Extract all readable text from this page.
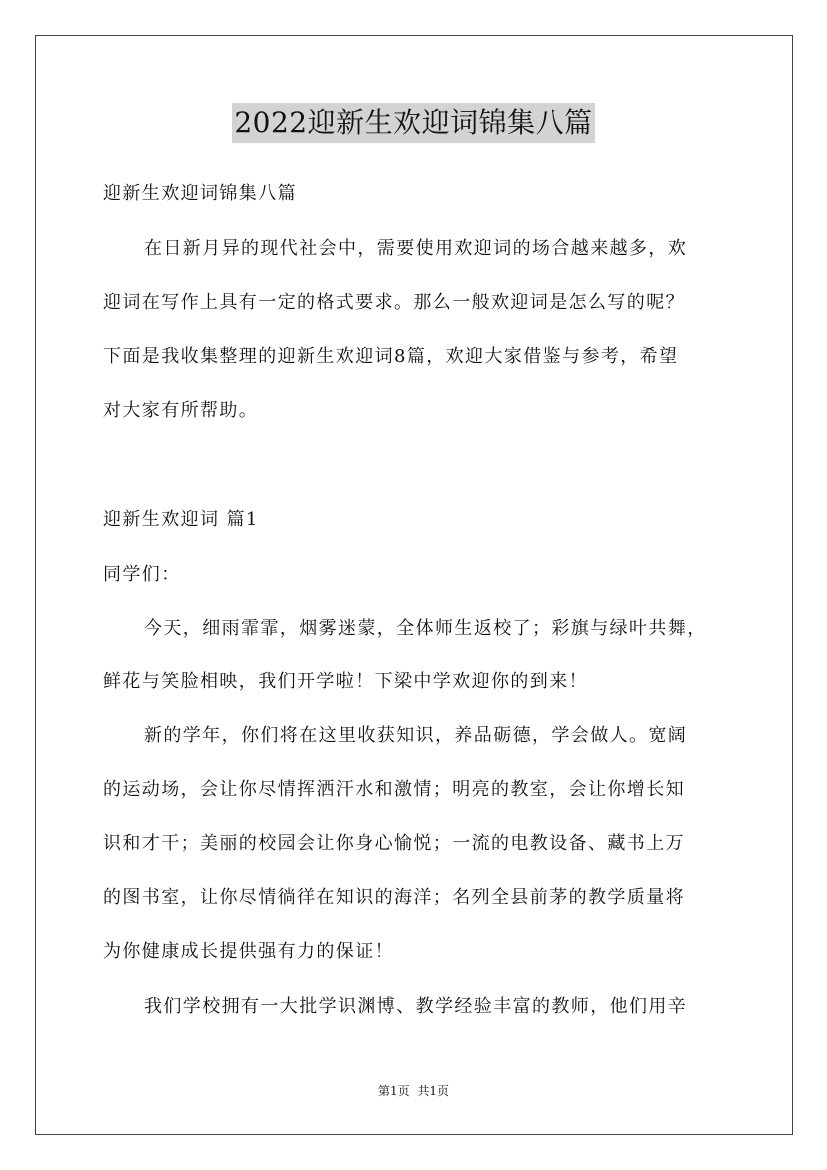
2022迎新生欢迎词锦集八篇
迎新生欢迎词锦集八篇
在日新月异的现代社会中，需要使用欢迎词的场合越来越多，欢
迎词在写作上具有一定的格式要求。那么一般欢迎词是怎么写的呢？
下面是我收集整理的迎新生欢迎词8篇，欢迎大家借鉴与参考，希望
对大家有所帮助。
迎新生欢迎词 篇1
同学们：
今天，细雨霏霏，烟雾迷蒙，全体师生返校了；彩旗与绿叶共舞，
鲜花与笑脸相映，我们开学啦！下梁中学欢迎你的到来！
新的学年，你们将在这里收获知识，养品砺德，学会做人。宽阔
的运动场，会让你尽情挥洒汗水和激情；明亮的教室，会让你增长知
识和才干；美丽的校园会让你身心愉悦；一流的电教设备、藏书上万
的图书室，让你尽情徜徉在知识的海洋；名列全县前茅的教学质量将
为你健康成长提供强有力的保证！
我们学校拥有一大批学识渊博、教学经验丰富的教师，他们用辛
第1页 共1页
